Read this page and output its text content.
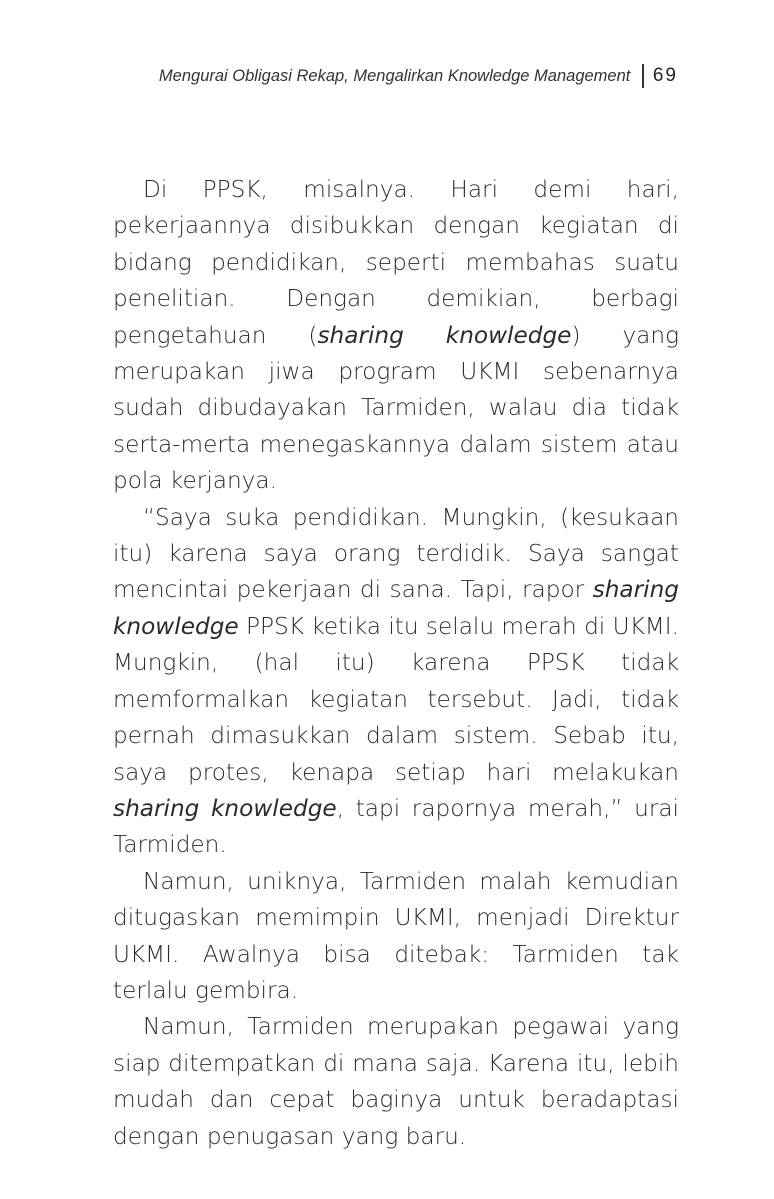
Mengurai Obligasi Rekap, Mengalirkan Knowledge Management 69

Di PPSK, misalnya. Hari demi hari, pekerjaannya disibukkan dengan kegiatan di bidang pendidikan, seperti membahas suatu penelitian. Dengan demikian, berbagi pengetahuan (sharing knowledge) yang merupakan jiwa program UKMI sebenarnya sudah dibudayakan Tarmiden, walau dia tidak serta-merta menegaskannya dalam sistem atau pola kerjanya.

“Saya suka pendidikan. Mungkin, (kesukaan itu) karena saya orang terdidik. Saya sangat mencintai pekerjaan di sana. Tapi, rapor sharing knowledge PPSK ketika itu selalu merah di UKMI. Mungkin, (hal itu) karena PPSK tidak memformalkan kegiatan tersebut. Jadi, tidak pernah dimasukkan dalam sistem. Sebab itu, saya protes, kenapa setiap hari melakukan sharing knowledge, tapi rapornya merah,” urai Tarmiden.

Namun, uniknya, Tarmiden malah kemudian ditugaskan memimpin UKMI, menjadi Direktur UKMI. Awalnya bisa ditebak: Tarmiden tak terlalu gembira.

Namun, Tarmiden merupakan pegawai yang siap ditempatkan di mana saja. Karena itu, lebih mudah dan cepat baginya untuk beradaptasi dengan penugasan yang baru.
